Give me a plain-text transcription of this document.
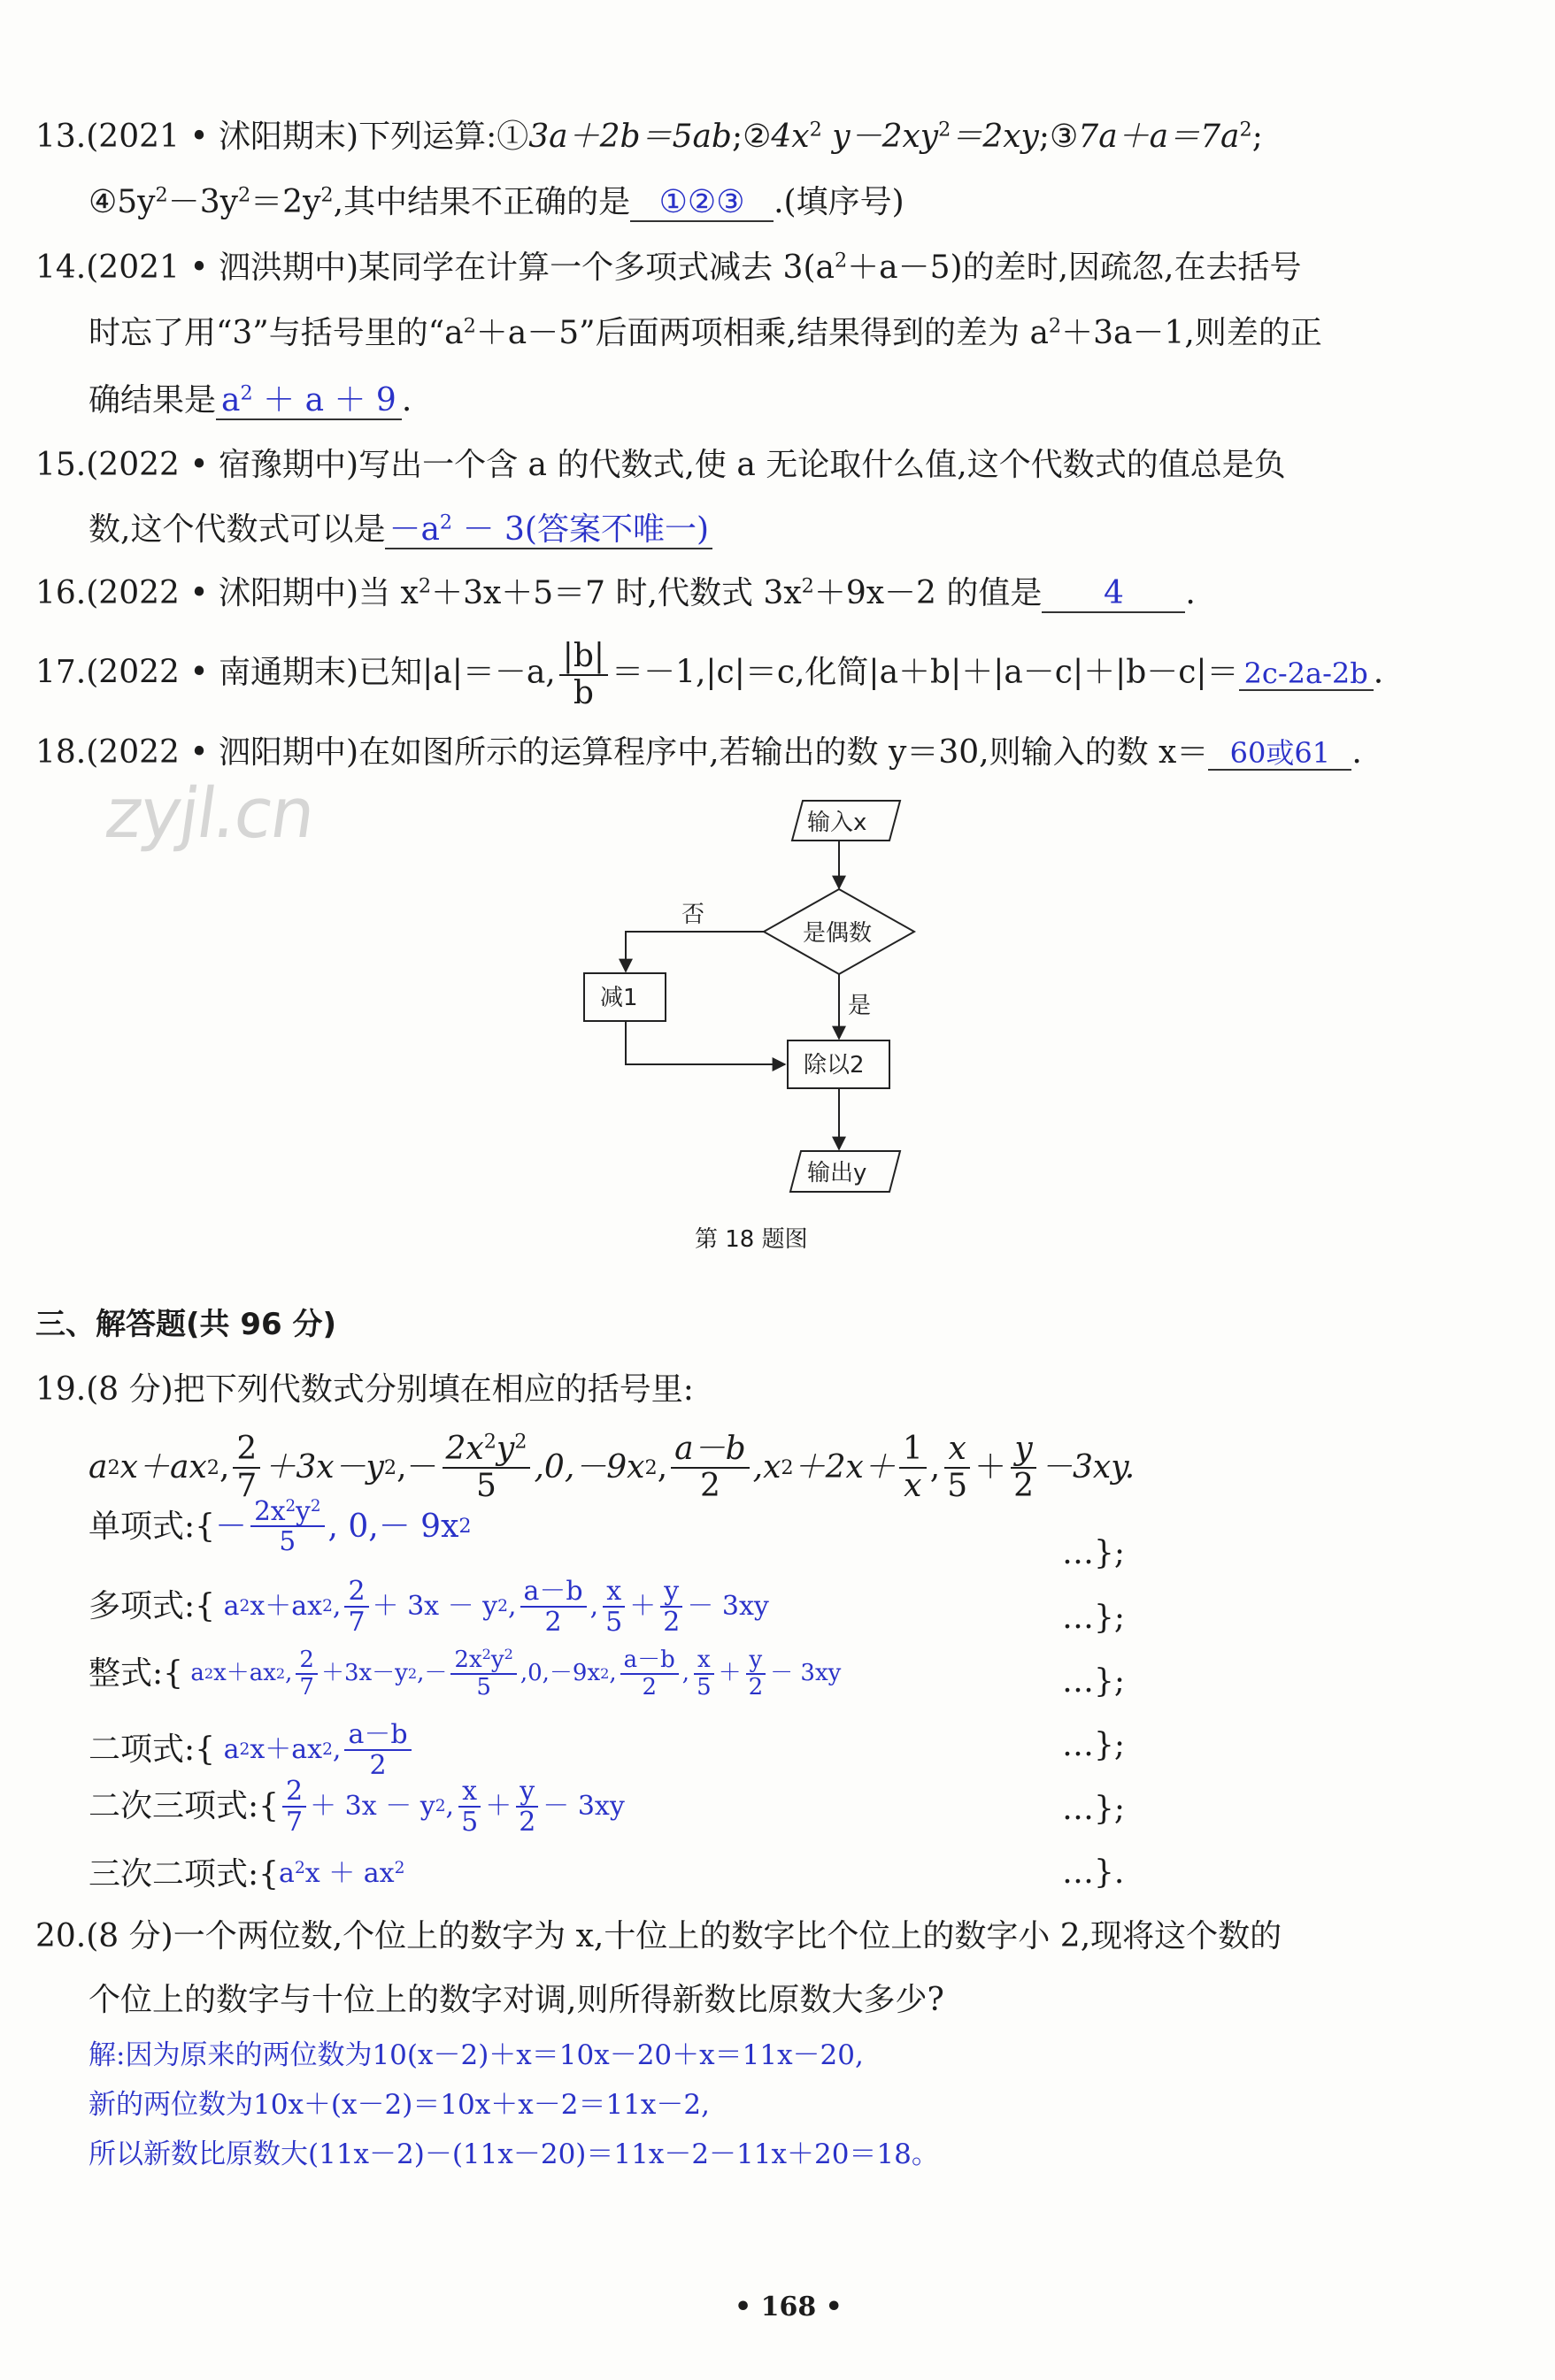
13.(2021 • 沭阳期末)下列运算$:①3a+2b=5ab;②4x^2$ $y-2xy^2=2xy;③7a+a=7a^2$;
$④5y^2-3y^2=2y^2$,其中结果不正确的是 ①②③ .(填序号)
14.(2021 • 泗洪期中)某同学在计算一个多项式减去 $3(a^2+a-5)$的差时,因疏忽,在去括号
时忘了用“3”与括号里的“$a^2+a-5$”后面两项相乘,结果得到的差为 $a^2+3a-1$,则差的正
确结果是 $a^2 + a + 9$ .
15.(2022 • 宿豫期中)写出一个含 a 的代数式,使 a 无论取什么值,这个代数式的值总是负
数,这个代数式可以是 $-a^2 - 3$(答案不唯一)
16.(2022 • 沭阳期中)当 $x^2+3x+5=7$ 时,代数式 $3x^2+9x-2$ 的值是 4 .
17.(2022 • 南通期末)已知|a|＝－a, $\frac{|b|}{b} =-1,|c|=c$,化简|a＋b|＋|a－c|＋|b－c|＝ 2c-2a-2b .
18.(2022 • 泗阳期中)在如图所示的运算程序中,若输出的数 y＝30,则输入的数 x＝ 60或61 .
zyjl.cn	输入x
是偶数
否
减1	是
除以2
输出y
第 18 题图
三、解答题(共 96 分)
19.(8 分)把下列代数式分别填在相应的括号里:
a 2 x＋ax 2 , $\frac{2}{7} +3x-y$ 2 ,－ $\frac{2x^2y^2}{5} ,0,-9x$ 2 , $\frac{a-b}{2} ,x$ $2 +2x+ \frac{1}{x}$ , $\frac{x}{5} + \frac{y}{2} -3xy$.
单项式:{ － $\frac{2x^2y^2}{5}$ , 0, － 9x 2
…};
多项式:{
a 2 x＋ax 2 , $\frac{2}{7} + 3x - y$ 2 , $\frac{a-b}{2}$ , $\frac{x}{5} + \frac{y}{2} - 3xy$	…};
整式:{
a 2 x＋ax 2 , $\frac{2}{7} +3x-y$ 2 , － $\frac{2x^2y^2}{5}$ , 0 , －9x 2 , $\frac{a-b}{2}$ , $\frac{x}{5} + \frac{y}{2} - 3xy$	…};
二项式:{
a 2 x＋ax 2 , $\frac{a-b}{2}$	…};
二次三项式:{ $\frac{2}{7} + 3x - y$ 2 , $\frac{x}{5} + \frac{y}{2} - 3xy$	…};
三次二项式:{ $a^2x + ax^2$	…}.
20.(8 分)一个两位数,个位上的数字为 x,十位上的数字比个位上的数字小 2,现将这个数的
个位上的数字与十位上的数字对调,则所得新数比原数大多少?
解:因为原来的两位数为10(x－2)＋x＝10x－20＋x＝11x－20,
新的两位数为10x＋(x－2)＝10x＋x－2＝11x－2,
所以新数比原数大(11x－2)－(11x－20)＝11x－2－11x＋20＝18。
• 168 •
